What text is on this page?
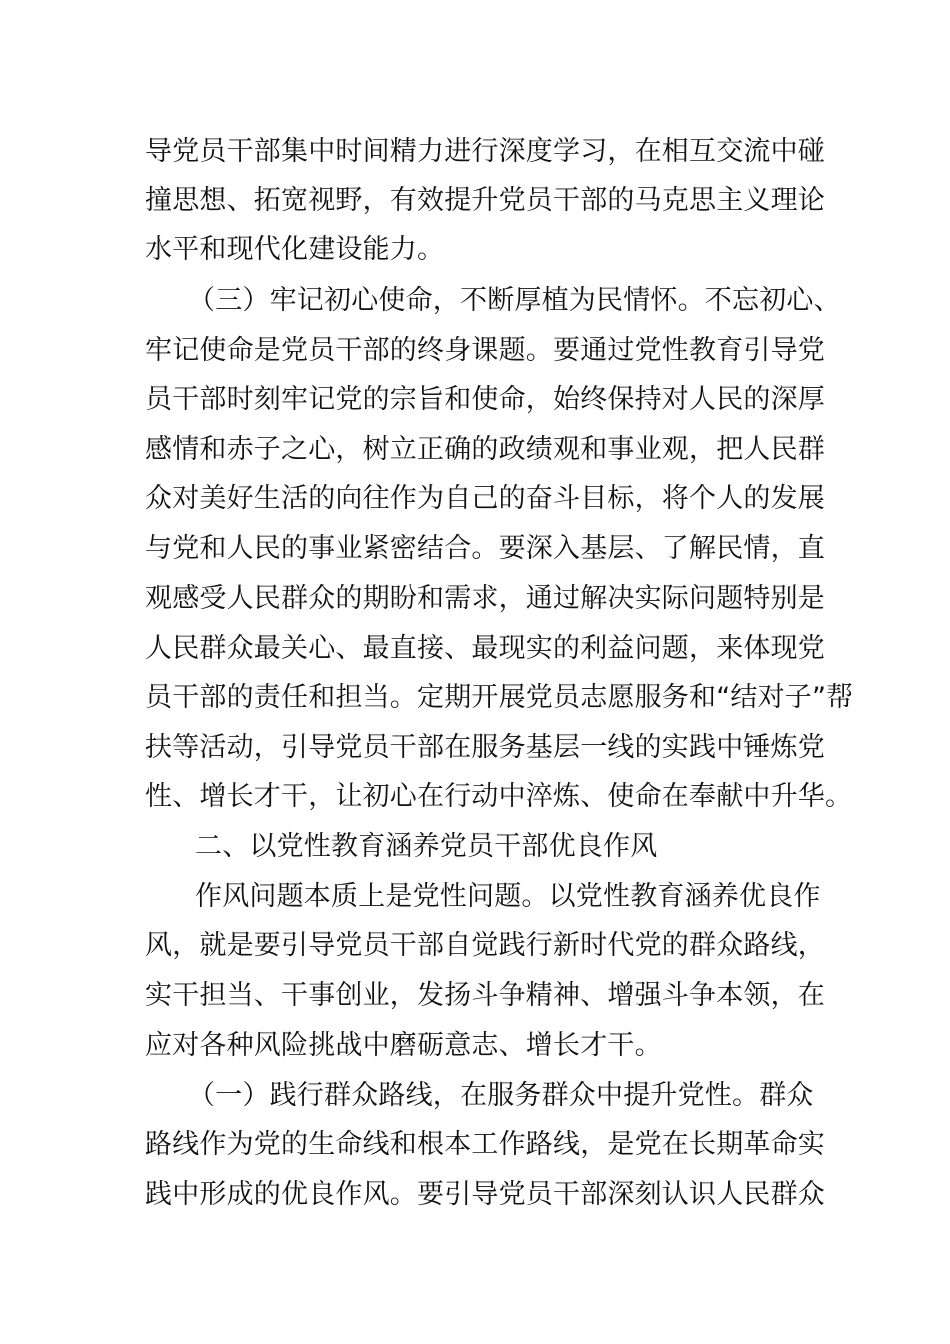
导党员干部集中时间精力进行深度学习，在相互交流中碰
撞思想、拓宽视野，有效提升党员干部的马克思主义理论
水平和现代化建设能力。
（三）牢记初心使命，不断厚植为民情怀。不忘初心、
牢记使命是党员干部的终身课题。要通过党性教育引导党
员干部时刻牢记党的宗旨和使命，始终保持对人民的深厚
感情和赤子之心，树立正确的政绩观和事业观，把人民群
众对美好生活的向往作为自己的奋斗目标，将个人的发展
与党和人民的事业紧密结合。要深入基层、了解民情，直
观感受人民群众的期盼和需求，通过解决实际问题特别是
人民群众最关心、最直接、最现实的利益问题，来体现党
员干部的责任和担当。定期开展党员志愿服务和“结对子”帮
扶等活动，引导党员干部在服务基层一线的实践中锤炼党
性、增长才干，让初心在行动中淬炼、使命在奉献中升华。
二、以党性教育涵养党员干部优良作风
作风问题本质上是党性问题。以党性教育涵养优良作
风，就是要引导党员干部自觉践行新时代党的群众路线，
实干担当、干事创业，发扬斗争精神、增强斗争本领，在
应对各种风险挑战中磨砺意志、增长才干。
（一）践行群众路线，在服务群众中提升党性。群众
路线作为党的生命线和根本工作路线，是党在长期革命实
践中形成的优良作风。要引导党员干部深刻认识人民群众
